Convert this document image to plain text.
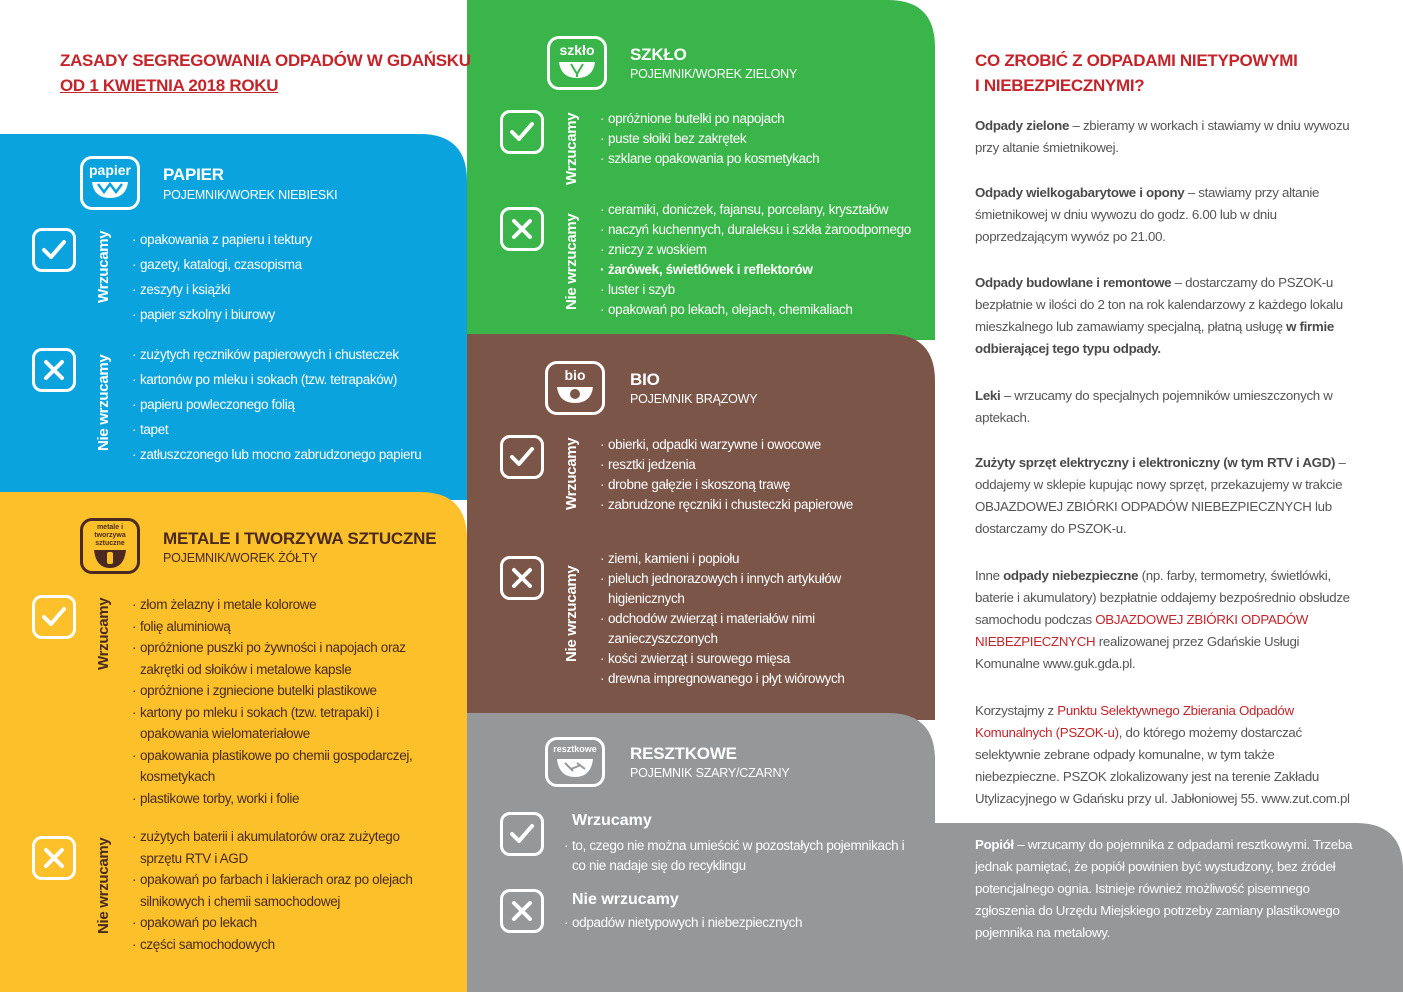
ZASADY SEGREGOWANIA ODPADÓW W GDAŃSKU
OD 1 KWIETNIA 2018 ROKU
papier PAPIER
POJEMNIK/WOREK NIEBIESKI
Wrzucamy	· opakowania z papieru i tektury
· gazety, katalogi, czasopisma
· zeszyty i książki
· papier szkolny i biurowy
Nie wrzucamy
· zużytych ręczników papierowych i chusteczek
· kartonów po mleku i sokach (tzw. tetrapaków)
· papieru powleczonego folią
· tapet
· zatłuszczonego lub mocno zabrudzonego papieru
metale i tworzywa sztuczne	METALE I TWORZYWA SZTUCZNE
POJEMNIK/WOREK ŻÓŁTY
Wrzucamy	· złom żelazny i metale kolorowe
· folię aluminiową
· opróżnione puszki po żywności i napojach oraz zakrętki od słoików i metalowe kapsle
· opróżnione i zgniecione butelki plastikowe
· kartony po mleku i sokach (tzw. tetrapaki) i opakowania wielomateriałowe
· opakowania plastikowe po chemii gospodarczej, kosmetykach
· plastikowe torby, worki i folie
Nie wrzucamy
· zużytych baterii i akumulatorów oraz zużytego sprzętu RTV i AGD
· opakowań po farbach i lakierach oraz po olejach silnikowych i chemii samochodowej
· opakowań po lekach
· części samochodowych
szkło SZKŁO
POJEMNIK/WOREK ZIELONY
Wrzucamy	· opróżnione butelki po napojach
· puste słoiki bez zakrętek
· szklane opakowania po kosmetykach
Nie wrzucamy
· ceramiki, doniczek, fajansu, porcelany, kryształów
· naczyń kuchennych, duraleksu i szkła żaroodpornego
· zniczy z woskiem
· żarówek, świetlówek i reflektorów
· luster i szyb
· opakowań po lekach, olejach, chemikaliach
bio	BIO
POJEMNIK BRĄZOWY
Wrzucamy	· obierki, odpadki warzywne i owocowe
· resztki jedzenia
· drobne gałęzie i skoszoną trawę
· zabrudzone ręczniki i chusteczki papierowe
Nie wrzucamy
· ziemi, kamieni i popiołu
· pieluch jednorazowych i innych artykułów higienicznych
· odchodów zwierząt i materiałów nimi zanieczyszczonych
· kości zwierząt i surowego mięsa
· drewna impregnowanego i płyt wiórowych
resztkowe RESZTKOWE
POJEMNIK SZARY/CZARNY
Wrzucamy
· to, czego nie można umieścić w pozostałych pojemnikach i co nie nadaje się do recyklingu
Nie wrzucamy
· odpadów nietypowych i niebezpiecznych
CO ZROBIĆ Z ODPADAMI NIETYPOWYMI
I NIEBEZPIECZNYMI?

Odpady zielone – zbieramy w workach i stawiamy w dniu wywozu przy altanie śmietnikowej.

Odpady wielkogabarytowe i opony – stawiamy przy altanie śmietnikowej w dniu wywozu do godz. 6.00 lub w dniu poprzedzającym wywóz po 21.00.

Odpady budowlane i remontowe – dostarczamy do PSZOK-u bezpłatnie w ilości do 2 ton na rok kalendarzowy z każdego lokalu mieszkalnego lub zamawiamy specjalną, płatną usługę w firmie odbierającej tego typu odpady.

Leki – wrzucamy do specjalnych pojemników umieszczonych w aptekach.

Zużyty sprzęt elektryczny i elektroniczny (w tym RTV i AGD) – oddajemy w sklepie kupując nowy sprzęt, przekazujemy w trakcie OBJAZDOWEJ ZBIÓRKI ODPADÓW NIEBEZPIECZNYCH lub dostarczamy do PSZOK-u.

Inne odpady niebezpieczne (np. farby, termometry, świetlówki, baterie i akumulatory) bezpłatnie oddajemy bezpośrednio obsłudze samochodu podczas OBJAZDOWEJ ZBIÓRKI ODPADÓW NIEBEZPIECZNYCH realizowanej przez Gdańskie Usługi Komunalne www.guk.gda.pl.

Korzystajmy z Punktu Selektywnego Zbierania Odpadów Komunalnych (PSZOK-u), do którego możemy dostarczać selektywnie zebrane odpady komunalne, w tym także niebezpieczne. PSZOK zlokalizowany jest na terenie Zakładu Utylizacyjnego w Gdańsku przy ul. Jabłoniowej 55. www.zut.com.pl

Popiół – wrzucamy do pojemnika z odpadami resztkowymi. Trzeba jednak pamiętać, że popiół powinien być wystudzony, bez źródeł potencjalnego ognia. Istnieje również możliwość pisemnego zgłoszenia do Urzędu Miejskiego potrzeby zamiany plastikowego pojemnika na metalowy.
